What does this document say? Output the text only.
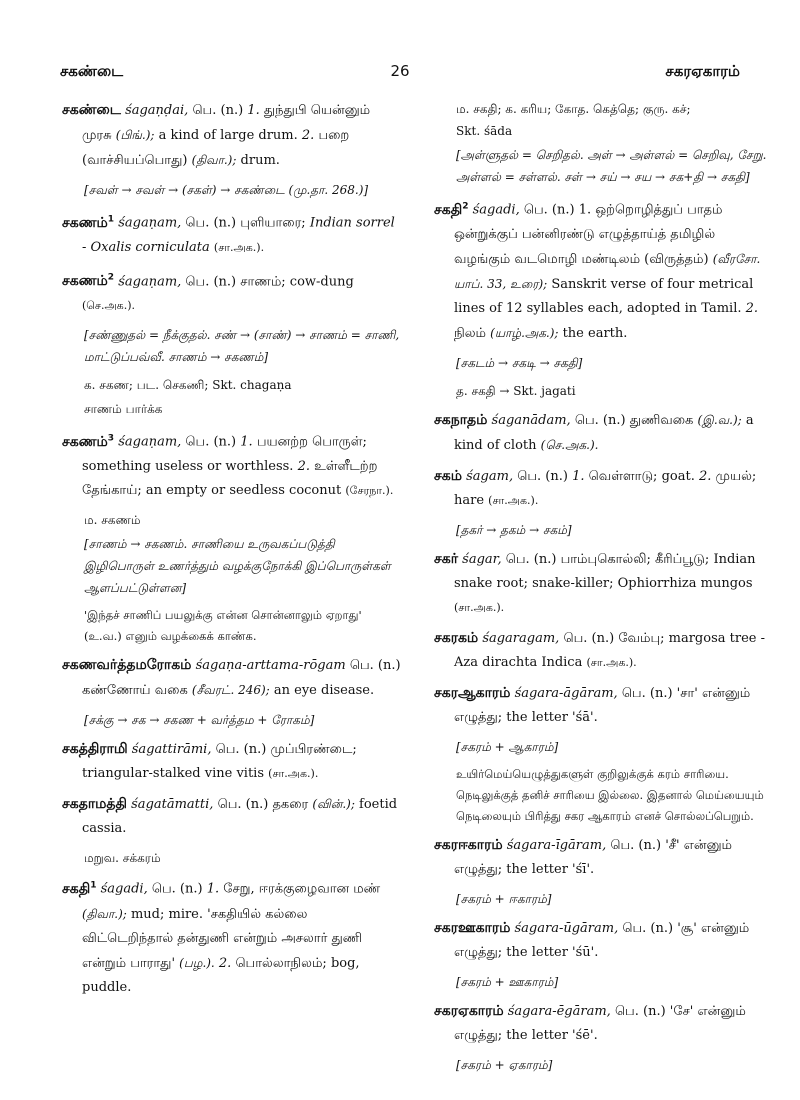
சகண்டை	26	சகரஏகாரம்
சகண்டை śagaṇḍai, பெ. (n.) 1. துந்துபி யென்னும் முரசு (பிங்.); a kind of large drum. 2. பறை (வாச்சியப்பொது) (திவா.); drum.
[சவள் → சவள் → (சகள்) → சகண்டை (மு.தா. 268.)]
சகணம்$^1$ śagaṇam, பெ. (n.) புளியாரை; Indian sorrel - Oxalis corniculata (சா.அக.).
சகணம்$^2$ śagaṇam, பெ. (n.) சாணம்; cow-dung (செ.அக.).
[சண்ணுதல் = நீக்குதல். சண் → (சாண்) → சாணம் = சாணி, மாட்டுப்பவ்வீ. சாணம் → சகணம்]
க. சகண; பட. செகணி; Skt. chagaṇa
சாணம் பார்க்க
சகணம்$^3$ śagaṇam, பெ. (n.) 1. பயனற்ற பொருள்; something useless or worthless. 2. உள்ளீடற்ற தேங்காய்; an empty or seedless coconut (சேரநா.).
ம. சகணம்
[சாணம் → சகணம். சாணியை உருவகப்படுத்தி இழிபொருள் உணர்த்தும் வழக்குநோக்கி இப்பொருள்கள் ஆளப்பட்டுள்ளன]
'இந்தச் சாணிப் பயலுக்கு என்ன சொன்னாலும் ஏறாது' (உ.வ.) எனும் வழக்கைக் காண்க.
சகணவர்த்தமரோகம் śagaṇa-arttama-rōgam பெ. (n.) கண்ணோய் வகை (சீவரட். 246); an eye disease.
[சக்கு → சக → சகண + வர்த்தம + ரோகம்]
சகத்திராமி śagattirāmi, பெ. (n.) முப்பிரண்டை; triangular-stalked vine vitis (சா.அக.).
சகதாமத்தி śagatāmatti, பெ. (n.) தகரை (வின்.); foetid cassia.
மறுவ. சக்கரம்
சகதி$^1$ śagadi, பெ. (n.) 1. சேறு, ஈரக்குழைவான மண் (திவா.); mud; mire. 'சகதியில் கல்லை விட்டெறிந்தால் தன்துணி என்றும் அசலார் துணி என்றும் பாராது' (பழ.). 2. பொல்லாநிலம்; bog, puddle.
ம. சகதி; க. கரிய; கோத. கெத்தெ; குரு. கச்;
Skt. śāda
[அள்ளுதல் = செறிதல். அள் → அள்ளல் = செறிவு, சேறு. அள்ளல் = சள்ளல். சள் → சய் → சய → சக+தி → சகதி]
சகதி$^2$ śagadi, பெ. (n.) 1. ஒற்றொழித்துப் பாதம் ஒன்றுக்குப் பன்னிரண்டு எழுத்தாய்த் தமிழில் வழங்கும் வடமொழி மண்டிலம் (விருத்தம்) (வீரசோ. யாப். 33, உரை); Sanskrit verse of four metrical lines of 12 syllables each, adopted in Tamil. 2. நிலம் (யாழ்.அக.); the earth.
[சகடம் → சகடி → சகதி]
த. சகதி → Skt. jagati
சகநாதம் śaganādam, பெ. (n.) துணிவகை (இ.வ.); a kind of cloth (செ.அக.).
சகம் śagam, பெ. (n.) 1. வெள்ளாடு; goat. 2. முயல்; hare (சா.அக.).
[தகர் → தகம் → சகம்]
சகர் śagar, பெ. (n.) பாம்புகொல்லி; கீரிப்பூடு; Indian snake root; snake-killer; Ophiorrhiza mungos (சா.அக.).
சகரகம் śagaragam, பெ. (n.) வேம்பு; margosa tree - Aza dirachta Indica (சா.அக.).
சகரஆகாரம் śagara-āgāram, பெ. (n.) 'சா' என்னும் எழுத்து; the letter 'śā'.
[சகரம் + ஆகாரம்]
உயிர்மெய்யெழுத்துகளுள் குறிலுக்குக் கரம் சாரியை. நெடிலுக்குத் தனிச் சாரியை இல்லை. இதனால் மெய்யையும் நெடிலையும் பிரித்து சகர ஆகாரம் எனச் சொல்லப்பெறும்.
சகரஈகாரம் śagara-īgāram, பெ. (n.) 'சீ' என்னும் எழுத்து; the letter 'śī'.
[சகரம் + ஈகாரம்]
சகரஊகாரம் śagara-ūgāram, பெ. (n.) 'சூ' என்னும் எழுத்து; the letter 'śū'.
[சகரம் + ஊகாரம்]
சகரஏகாரம் śagara-ēgāram, பெ. (n.) 'சே' என்னும் எழுத்து; the letter 'śē'.
[சகரம் + ஏகாரம்]
